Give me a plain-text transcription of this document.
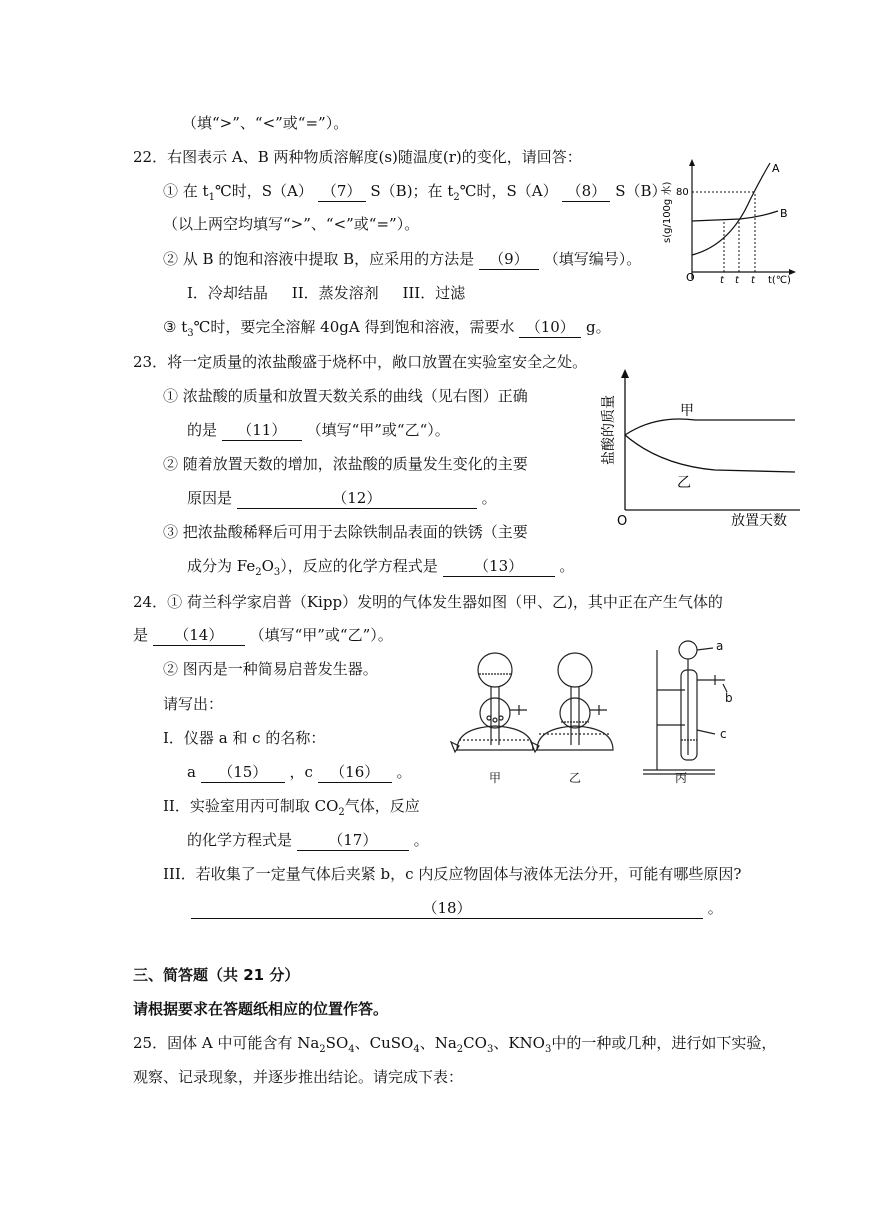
（填“>”、“<”或“=”）。
22．右图表示 A、B 两种物质溶解度(s)随温度(r)的变化，请回答：
① 在 $t_1℃$时，S（A） （7） S（B)；在 $t_2℃$时，S（A） （8） S（B）
（以上两空均填写“>”、“<”或“=”）。
② 从 B 的饱和溶液中提取 B，应采用的方法是 （9） （填写编号）。
I．冷却结晶     II．蒸发溶剂     III．过滤
③ $t_3℃$时，要完全溶解 40gA 得到饱和溶液，需要水 （10） g。
s(g/100g 水) 80
O	t t t t(℃)
A
B
23．将一定质量的浓盐酸盛于烧杯中，敞口放置在实验室安全之处。
① 浓盐酸的质量和放置天数关系的曲线（见右图）正确
的是 （11） （填写“甲”或“乙“）。
② 随着放置天数的增加，浓盐酸的质量发生变化的主要
原因是	（12）	。
③ 把浓盐酸稀释后可用于去除铁制品表面的铁锈（主要
成分为 $Fe_2O_3$），反应的化学方程式是 （13） 。
盐酸的质量
O	放置天数
甲
乙
24．① 荷兰科学家启普（Kipp）发明的气体发生器如图（甲、乙)，其中正在产生气体的
是 （14） （填写“甲”或“乙”）。
② 图丙是一种简易启普发生器。
请写出：
I．仪器 a 和 c 的名称：
a （15） ，c （16） 。
II．实验室用丙可制取 $CO_2$气体，反应
的化学方程式是 （17） 。
III．若收集了一定量气体后夹紧 b，c 内反应物固体与液体无法分开，可能有哪些原因?
（18）	。
甲	乙	丙
a
b
c
三、简答题（共 21 分）
请根据要求在答题纸相应的位置作答。
25．固体 A 中可能含有 $Na_2SO_4$、CuSO$_4$、$Na_2CO_3$、$KNO_3$中的一种或几种，进行如下实验，
观察、记录现象，并逐步推出结论。请完成下表：
